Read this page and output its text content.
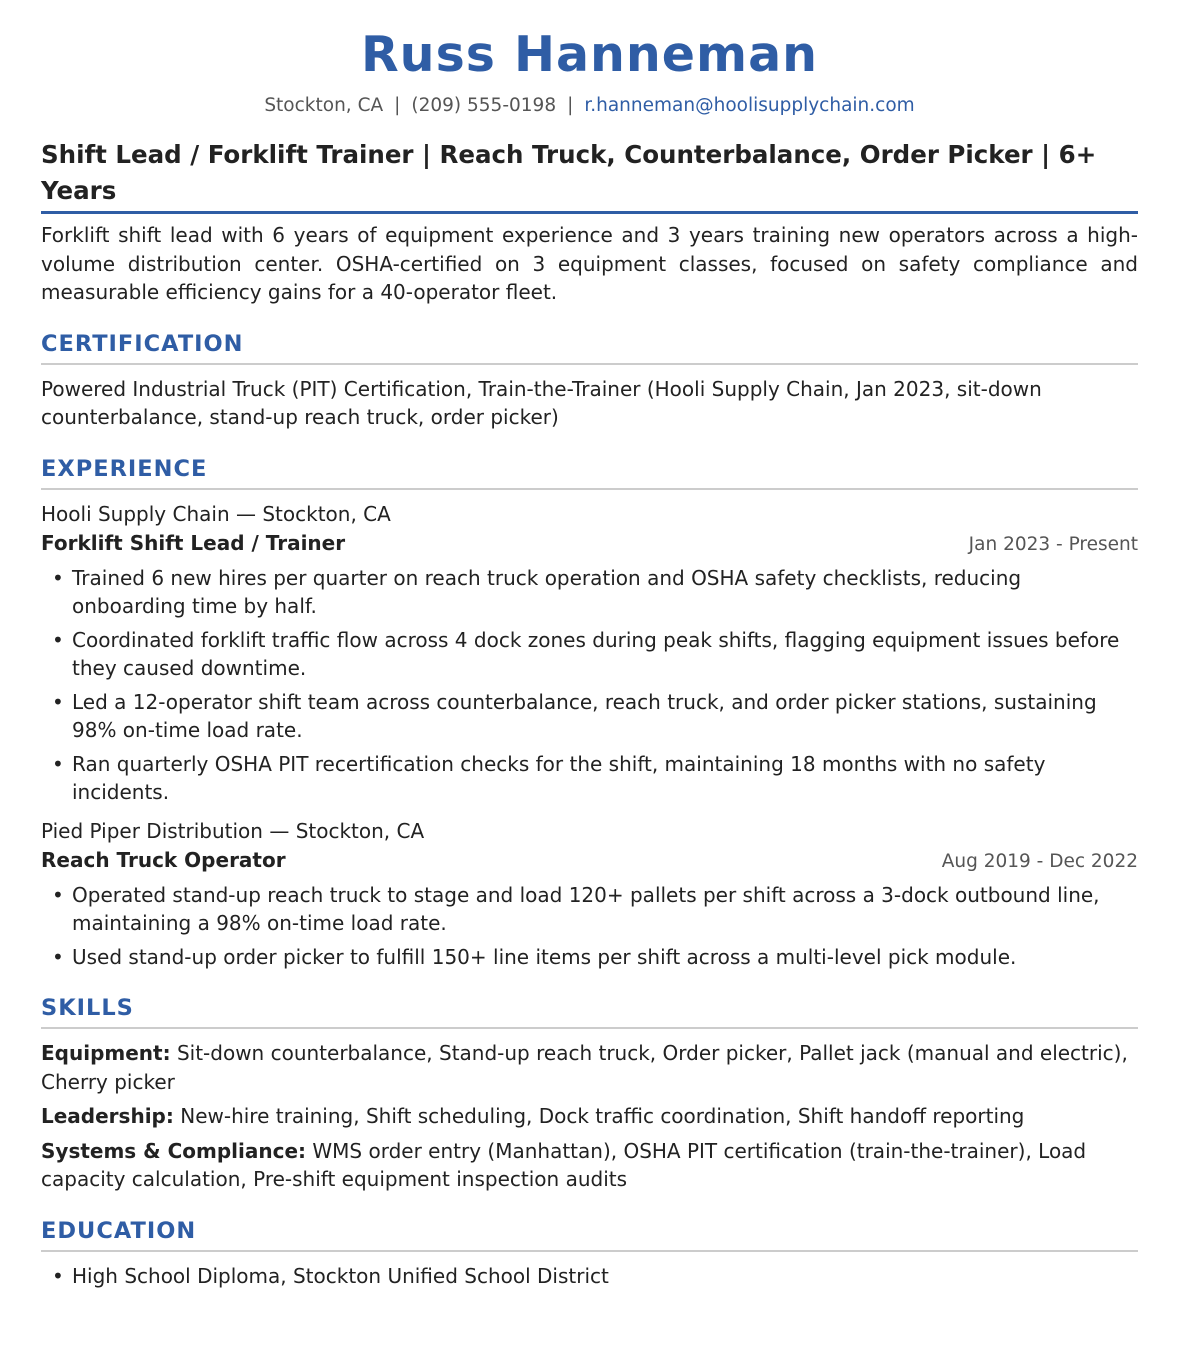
Russ Hanneman
Stockton, CA | (209) 555-0198 | r.hanneman@hoolisupplychain.com
Shift Lead / Forklift Trainer | Reach Truck, Counterbalance, Order Picker | 6+ Years
Forklift shift lead with 6 years of equipment experience and 3 years training new operators across a high-volume distribution center. OSHA-certified on 3 equipment classes, focused on safety compliance and measurable efficiency gains for a 40-operator fleet.
CERTIFICATION
Powered Industrial Truck (PIT) Certification, Train-the-Trainer (Hooli Supply Chain, Jan 2023, sit-down counterbalance, stand-up reach truck, order picker)
EXPERIENCE
Hooli Supply Chain — Stockton, CA
Forklift Shift Lead / Trainer	Jan 2023 - Present
• Trained 6 new hires per quarter on reach truck operation and OSHA safety checklists, reducing onboarding time by half.
• Coordinated forklift traffic flow across 4 dock zones during peak shifts, flagging equipment issues before they caused downtime.
• Led a 12-operator shift team across counterbalance, reach truck, and order picker stations, sustaining 98% on-time load rate.
• Ran quarterly OSHA PIT recertification checks for the shift, maintaining 18 months with no safety incidents.
Pied Piper Distribution — Stockton, CA
Reach Truck Operator	Aug 2019 - Dec 2022
• Operated stand-up reach truck to stage and load 120+ pallets per shift across a 3-dock outbound line, maintaining a 98% on-time load rate.
• Used stand-up order picker to fulfill 150+ line items per shift across a multi-level pick module.
SKILLS
Equipment: Sit-down counterbalance, Stand-up reach truck, Order picker, Pallet jack (manual and electric), Cherry picker
Leadership: New-hire training, Shift scheduling, Dock traffic coordination, Shift handoff reporting
Systems & Compliance: WMS order entry (Manhattan), OSHA PIT certification (train-the-trainer), Load capacity calculation, Pre-shift equipment inspection audits
EDUCATION
• High School Diploma, Stockton Unified School District
